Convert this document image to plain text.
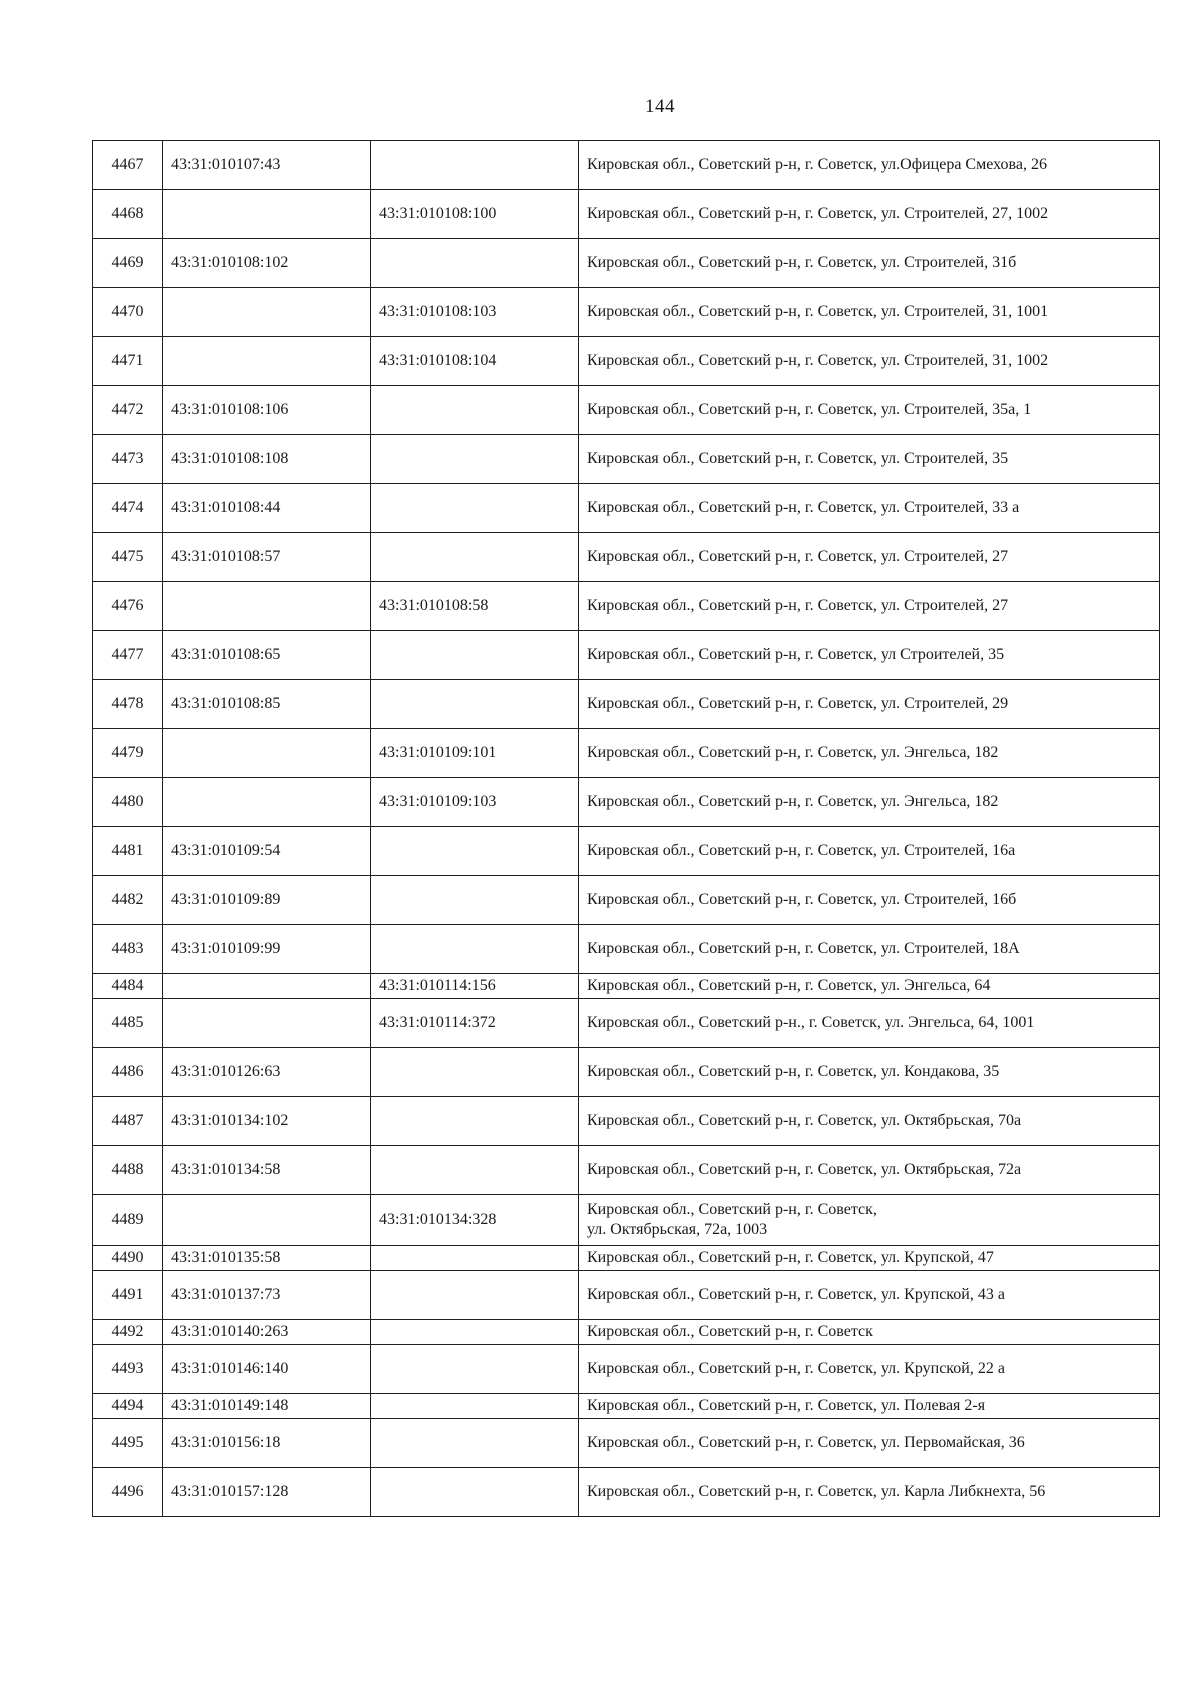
144
4467	43:31:010107:43		Кировская обл., Советский р-н, г. Советск, ул.Офицера Смехова, 26
4468		43:31:010108:100	Кировская обл., Советский р-н, г. Советск, ул. Строителей, 27, 1002
4469	43:31:010108:102		Кировская обл., Советский р-н, г. Советск, ул. Строителей, 31б
4470		43:31:010108:103	Кировская обл., Советский р-н, г. Советск, ул. Строителей, 31, 1001
4471		43:31:010108:104	Кировская обл., Советский р-н, г. Советск, ул. Строителей, 31, 1002
4472	43:31:010108:106		Кировская обл., Советский р-н, г. Советск, ул. Строителей, 35а, 1
4473	43:31:010108:108		Кировская обл., Советский р-н, г. Советск, ул. Строителей, 35
4474	43:31:010108:44		Кировская обл., Советский р-н, г. Советск, ул. Строителей, 33 а
4475	43:31:010108:57		Кировская обл., Советский р-н, г. Советск, ул. Строителей, 27
4476		43:31:010108:58	Кировская обл., Советский р-н, г. Советск, ул. Строителей, 27
4477	43:31:010108:65		Кировская обл., Советский р-н, г. Советск, ул Строителей, 35
4478	43:31:010108:85		Кировская обл., Советский р-н, г. Советск, ул. Строителей, 29
4479		43:31:010109:101	Кировская обл., Советский р-н, г. Советск, ул. Энгельса, 182
4480		43:31:010109:103	Кировская обл., Советский р-н, г. Советск, ул. Энгельса, 182
4481	43:31:010109:54		Кировская обл., Советский р-н, г. Советск, ул. Строителей, 16а
4482	43:31:010109:89		Кировская обл., Советский р-н, г. Советск, ул. Строителей, 16б
4483	43:31:010109:99		Кировская обл., Советский р-н, г. Советск, ул. Строителей, 18А
4484		43:31:010114:156	Кировская обл., Советский р-н, г. Советск, ул. Энгельса, 64
4485		43:31:010114:372	Кировская обл., Советский р-н., г. Советск, ул. Энгельса, 64, 1001
4486	43:31:010126:63		Кировская обл., Советский р-н, г. Советск, ул. Кондакова, 35
4487	43:31:010134:102		Кировская обл., Советский р-н, г. Советск, ул. Октябрьская, 70а
4488	43:31:010134:58		Кировская обл., Советский р-н, г. Советск, ул. Октябрьская, 72а
4489		43:31:010134:328	Кировская обл., Советский р-н, г. Советск,
ул. Октябрьская, 72а, 1003
4490	43:31:010135:58		Кировская обл., Советский р-н, г. Советск, ул. Крупской, 47
4491	43:31:010137:73		Кировская обл., Советский р-н, г. Советск, ул. Крупской, 43 а
4492	43:31:010140:263		Кировская обл., Советский р-н, г. Советск
4493	43:31:010146:140		Кировская обл., Советский р-н, г. Советск, ул. Крупской, 22 а
4494	43:31:010149:148		Кировская обл., Советский р-н, г. Советск, ул. Полевая 2-я
4495	43:31:010156:18		Кировская обл., Советский р-н, г. Советск, ул. Первомайская, 36
4496	43:31:010157:128		Кировская обл., Советский р-н, г. Советск, ул. Карла Либкнехта, 56
